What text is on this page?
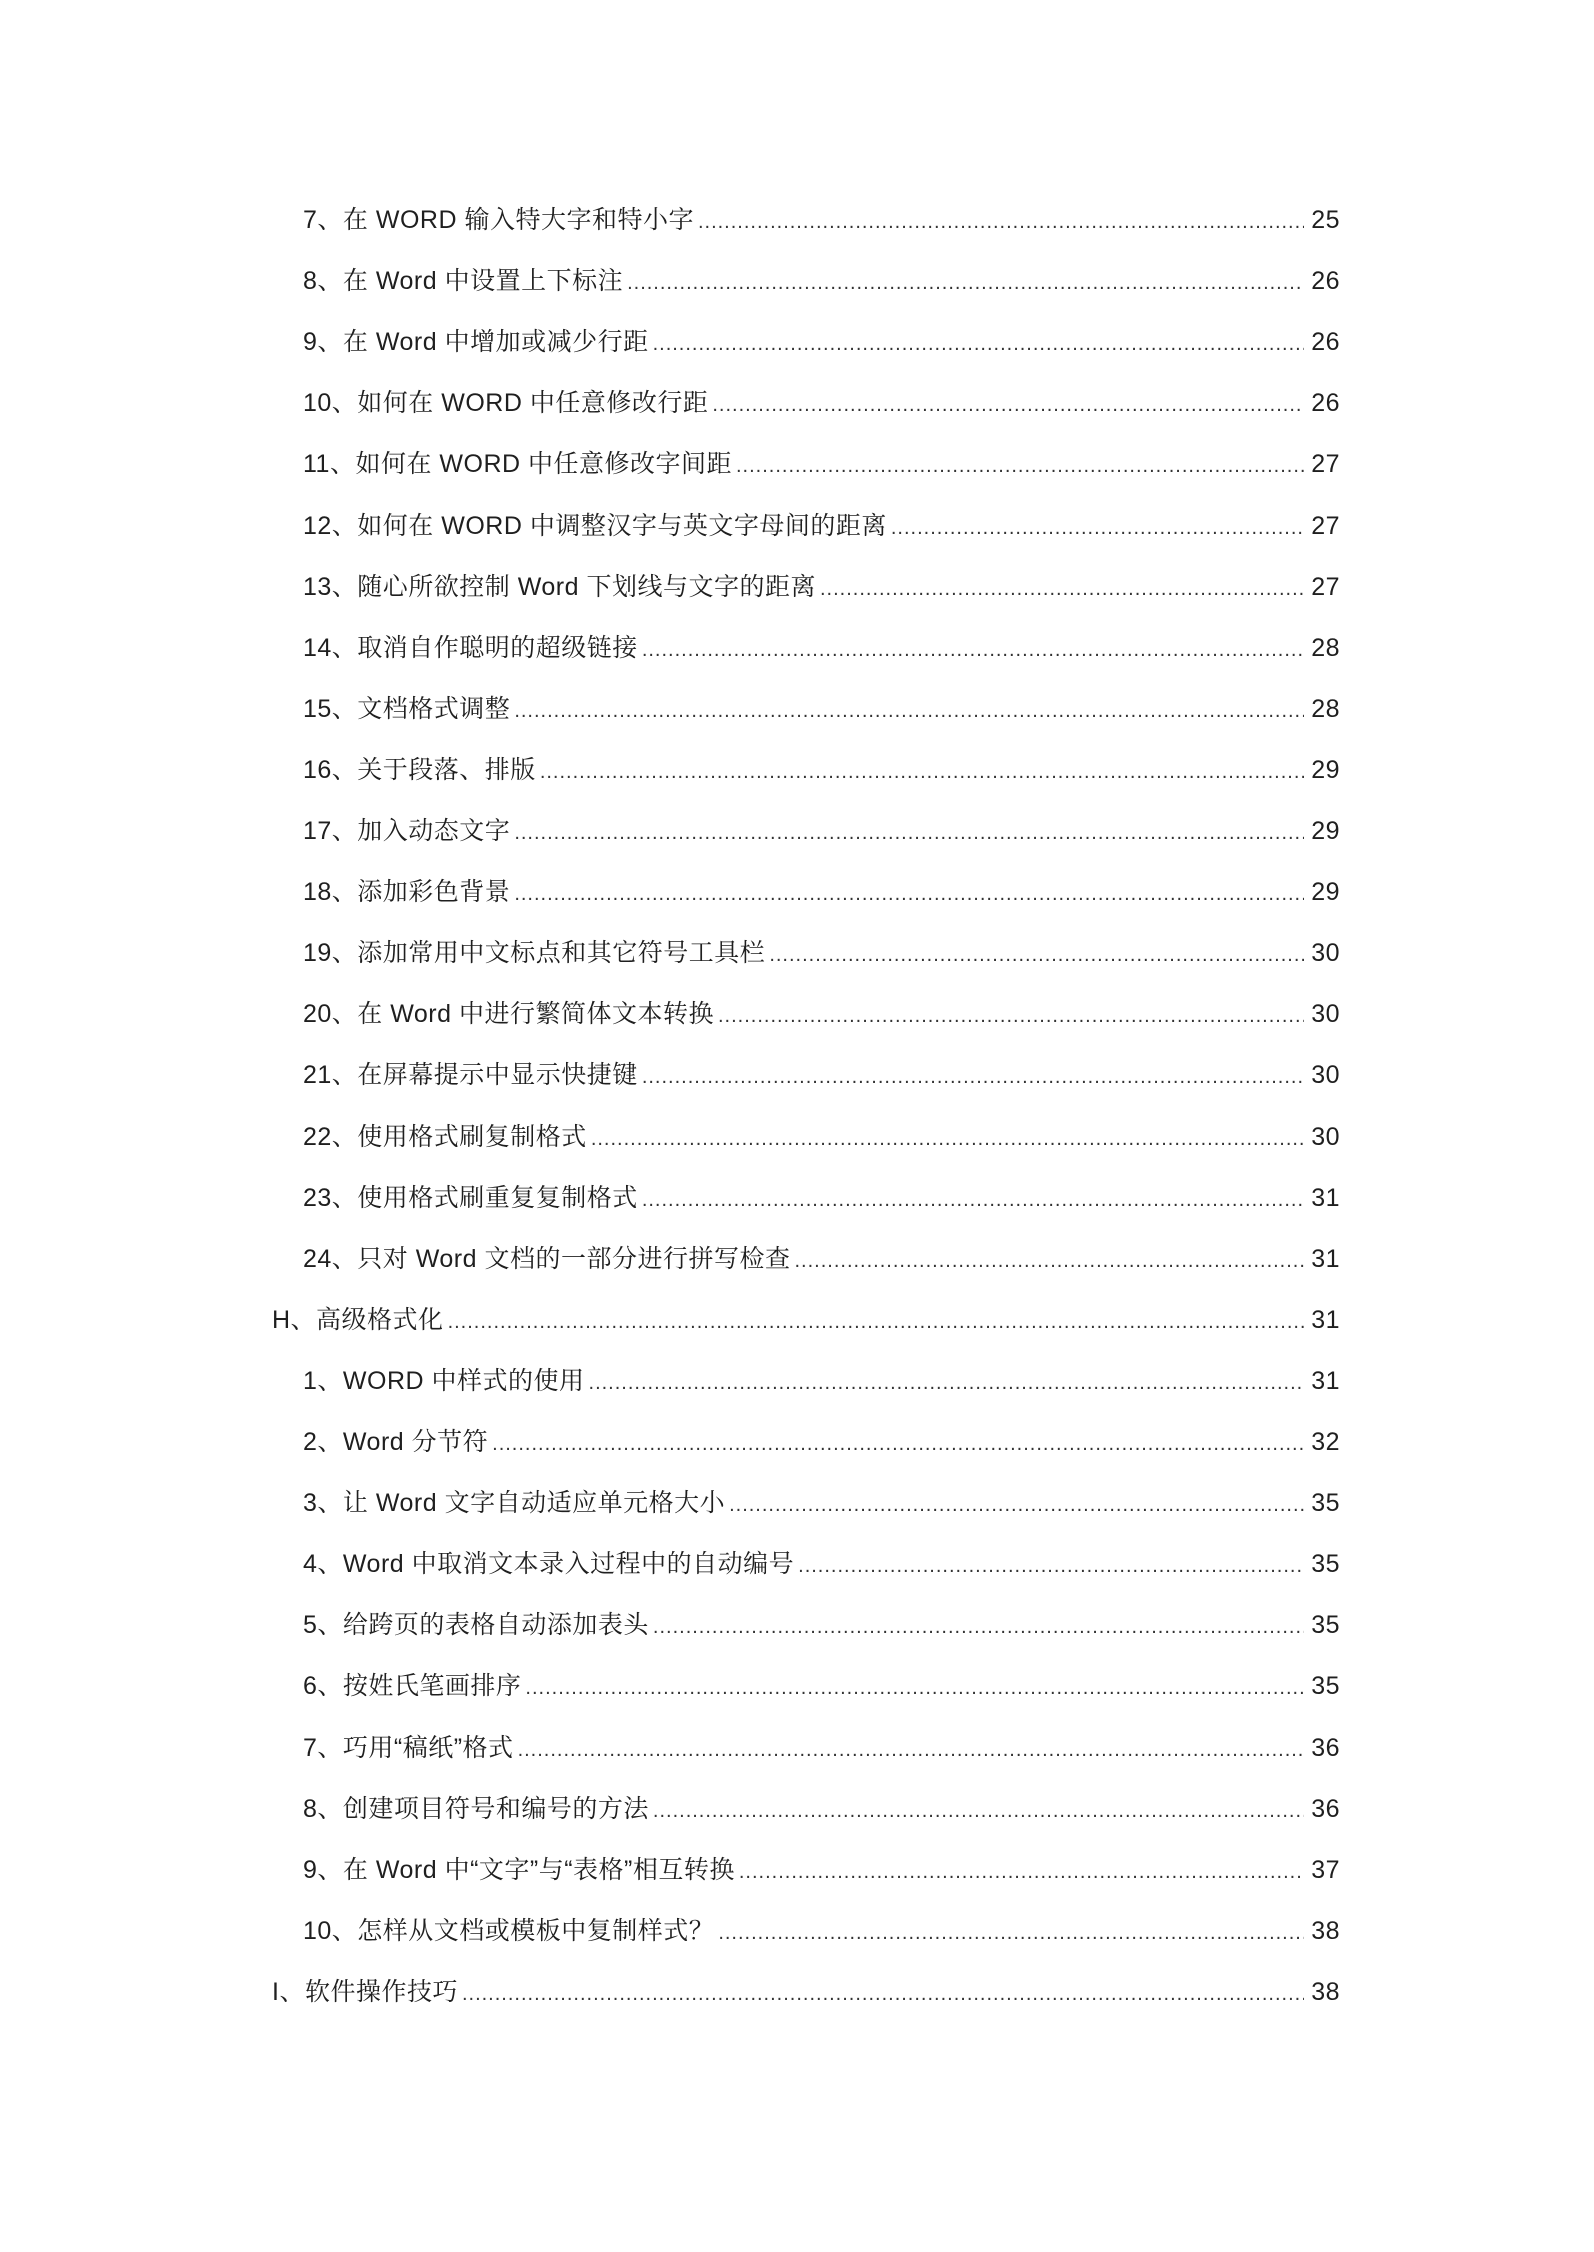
7、在 WORD 输入特大字和特小字 .....	25
8、在 Word 中设置上下标注 .....	26
9、在 Word 中增加或减少行距 .....	26
10、如何在 WORD 中任意修改行距 .....	26
11、如何在 WORD 中任意修改字间距 .....	27
12、如何在 WORD 中调整汉字与英文字母间的距离 .....	27
13、随心所欲控制 Word 下划线与文字的距离 .....	27
14、取消自作聪明的超级链接 .....	28
15、文档格式调整 .....	28
16、关于段落、排版 .....	29
17、加入动态文字 .....	29
18、添加彩色背景 .....	29
19、添加常用中文标点和其它符号工具栏 .....	30
20、在 Word 中进行繁简体文本转换 .....	30
21、在屏幕提示中显示快捷键 .....	30
22、使用格式刷复制格式 .....	30
23、使用格式刷重复复制格式 .....	31
24、只对 Word 文档的一部分进行拼写检查 .....	31
H、高级格式化 .....	31
1、WORD 中样式的使用 .....	31
2、Word 分节符 .....	32
3、让 Word 文字自动适应单元格大小 .....	35
4、Word 中取消文本录入过程中的自动编号 .....	35
5、给跨页的表格自动添加表头 .....	35
6、按姓氏笔画排序 .....	35
7、巧用“稿纸”格式 .....	36
8、创建项目符号和编号的方法 .....	36
9、在 Word 中“文字”与“表格”相互转换 .....	37
10、怎样从文档或模板中复制样式？ .....	38
I、软件操作技巧 .....	38
